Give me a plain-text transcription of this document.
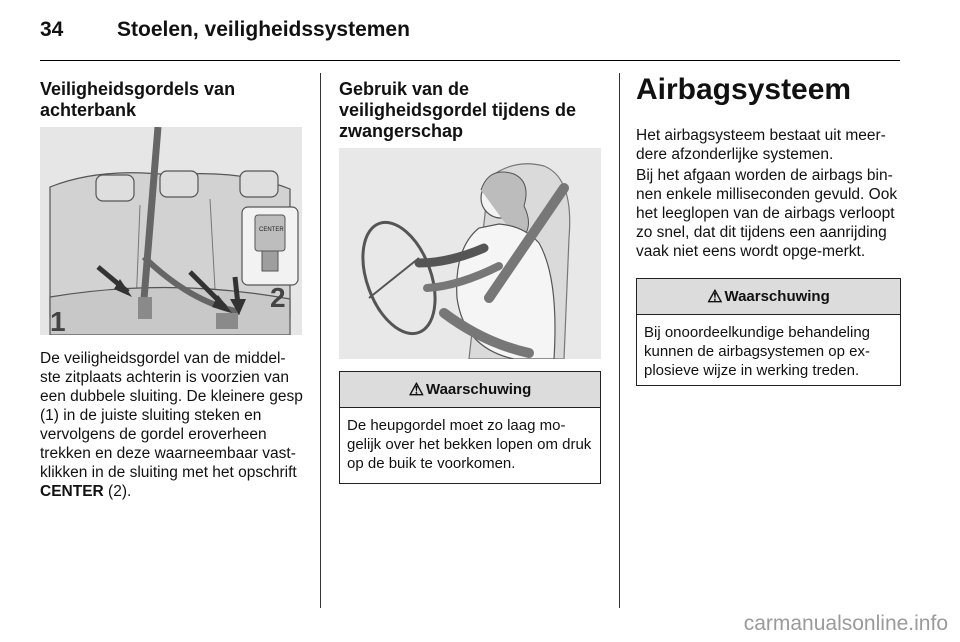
34	Stoelen, veiligheidssystemen
Veiligheidsgordels van achterbank
1
2
CENTER
De veiligheidsgordel van de middel-ste zitplaats achterin is voorzien van een dubbele sluiting. De kleinere gesp (1) in de juiste sluiting steken en vervolgens de gordel eroverheen trekken en deze waarneembaar vast-klikken in de sluiting met het opschrift CENTER (2).
Gebruik van de veiligheidsgordel tijdens de zwangerschap
⚠ Waarschuwing
De heupgordel moet zo laag mo-gelijk over het bekken lopen om druk op de buik te voorkomen.
Airbagsysteem
Het airbagsysteem bestaat uit meer-dere afzonderlijke systemen.
Bij het afgaan worden de airbags bin-nen enkele milliseconden gevuld. Ook het leeglopen van de airbags verloopt zo snel, dat dit tijdens een aanrijding vaak niet eens wordt opge-merkt.
⚠ Waarschuwing
Bij onoordeelkundige behandeling kunnen de airbagsystemen op ex-plosieve wijze in werking treden.
carmanualsonline.info
